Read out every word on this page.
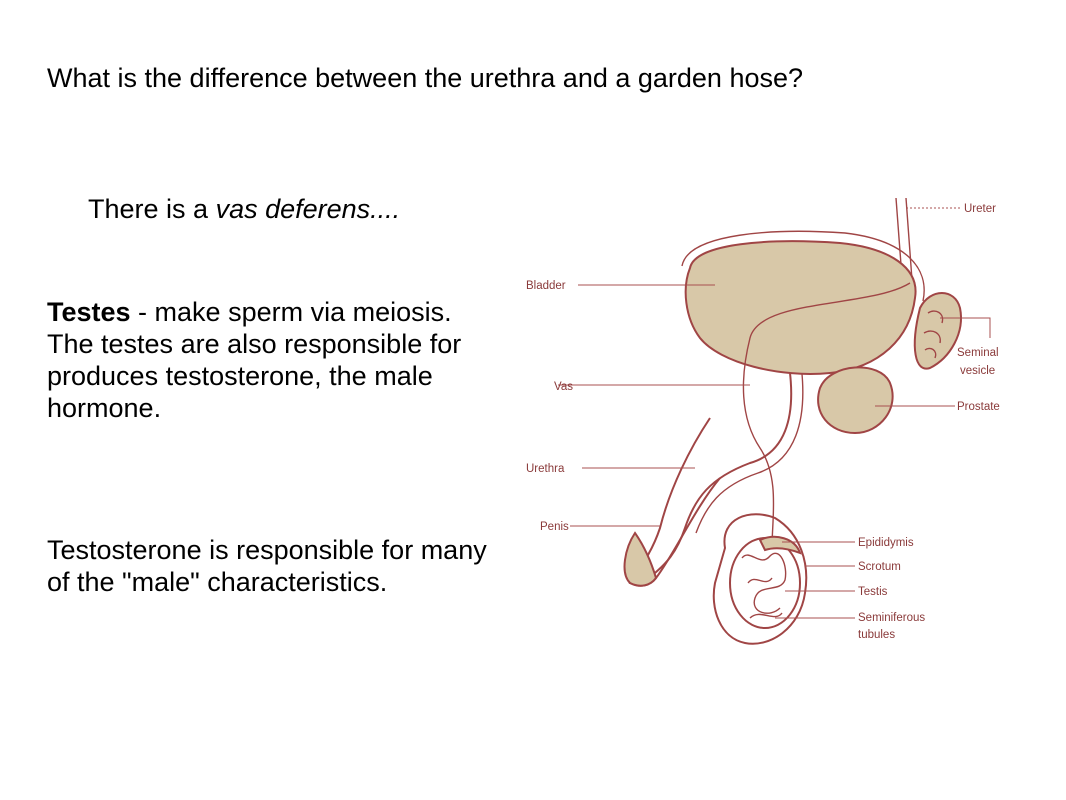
What is the difference between the urethra and a garden hose?
There is a vas deferens....
Testes - make sperm via meiosis. The testes are also responsible for produces testosterone, the male hormone.
Testosterone is responsible for many of the "male" characteristics.
Ureter
Bladder
Seminal
vesicle
Vas
Prostate
Urethra
Penis
Epididymis
Scrotum
Testis
Seminiferous
tubules
